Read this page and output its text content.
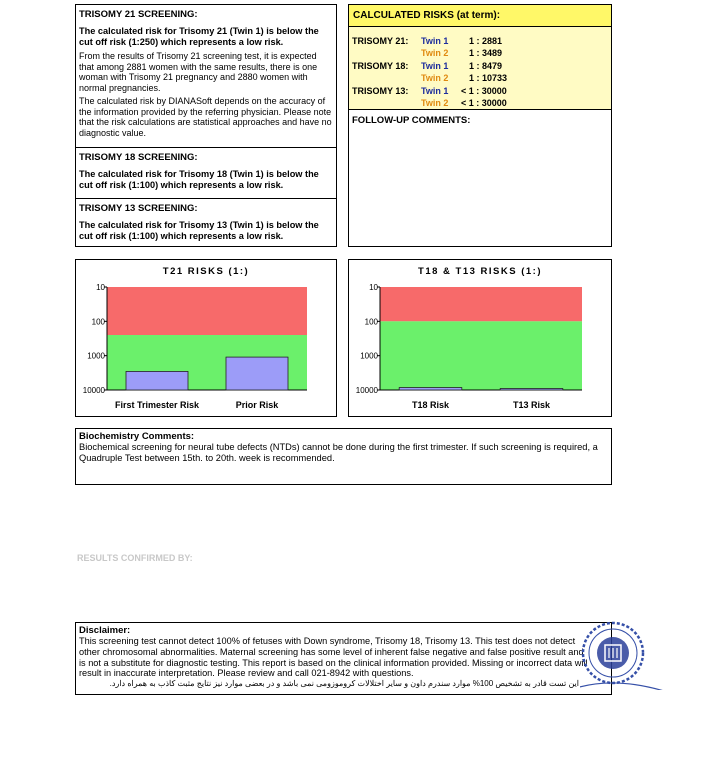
TRISOMY 21 SCREENING:
The calculated risk for Trisomy 21 (Twin 1) is below the cut off risk (1:250) which represents a low risk.
From the results of Trisomy 21 screening test, it is expected that among 2881 women with the same results, there is one woman with Trisomy 21 pregnancy and 2880 women with normal pregnancies.
The calculated risk by DIANASoft depends on the accuracy of the information provided by the referring physician. Please note that the risk calculations are statistical approaches and have no diagnostic value.
TRISOMY 18 SCREENING:
The calculated risk for Trisomy 18 (Twin 1) is below the cut off risk (1:100) which represents a low risk.
TRISOMY 13 SCREENING:
The calculated risk for Trisomy 13 (Twin 1) is below the cut off risk (1:100) which represents a low risk.
CALCULATED RISKS (at term):
TRISOMY 21: Twin 1 1 : 2881
Twin 2 1 : 3489
TRISOMY 18: Twin 1 1 : 8479
Twin 2 1 : 10733
TRISOMY 13: Twin 1 < 1 : 30000
Twin 2 < 1 : 30000
FOLLOW-UP COMMENTS:
T21 RISKS (1:)
10
100
1000
10000
First Trimester Risk	Prior Risk
T18 & T13 RISKS (1:)
10
100
1000
10000
T18 Risk	T13 Risk
Biochemistry Comments:
Biochemical screening for neural tube defects (NTDs) cannot be done during the first trimester. If such screening is required, a Quadruple Test between 15th. to 20th. week is recommended.
RESULTS CONFIRMED BY:
Disclaimer:
This screening test cannot detect 100% of fetuses with Down syndrome, Trisomy 18, Trisomy 13. This test does not detect other chromosomal abnormalities. Maternal screening has some level of inherent false negative and false positive result and is not a substitute for diagnostic testing. This report is based on the clinical information provided. Missing or incorrect data will result in inaccurate interpretation. Please review and call 021-8942 with questions.
این تست قادر به تشخیص 100% موارد سندرم داون و سایر اختلالات کروموزومی نمی باشد و در بعضی موارد نیز نتایج مثبت کاذب به همراه دارد.
